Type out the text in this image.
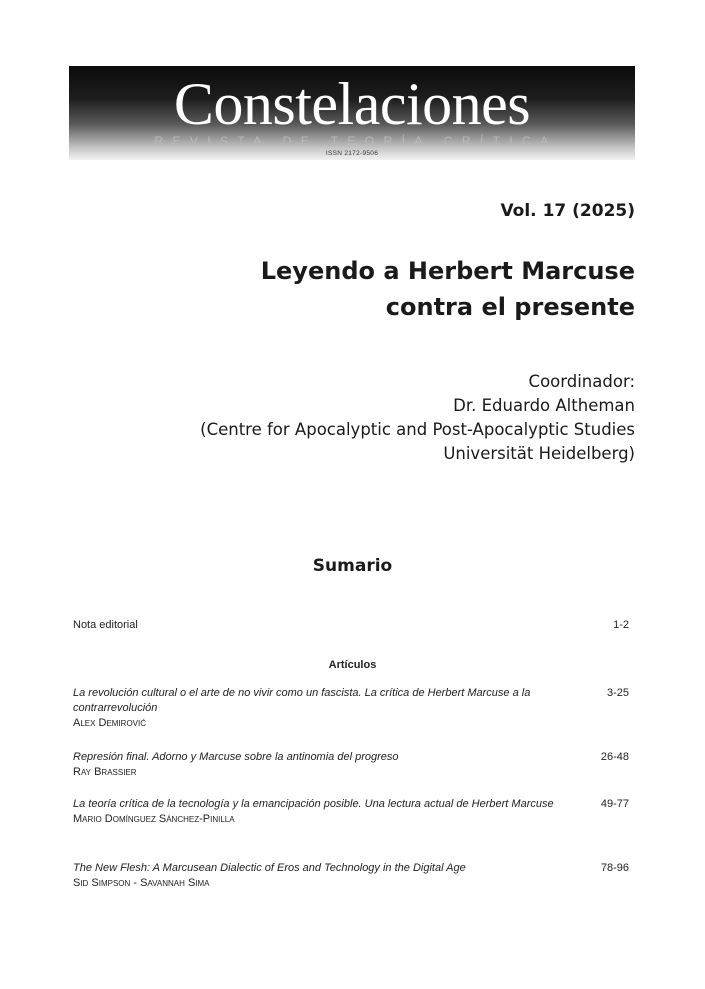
Constelaciones
REVISTA DE TEORÍA CRÍTICA
ISSN 2172-9506
Vol. 17 (2025)
Leyendo a Herbert Marcuse
contra el presente
Coordinador:
Dr. Eduardo Altheman
(Centre for Apocalyptic and Post-Apocalyptic Studies
Universität Heidelberg)
Sumario
Nota editorial	1-2
Artículos
La revolución cultural o el arte de no vivir como un fascista. La crítica de Herbert Marcuse a la contrarrevolución
Alex Demirović
3-25
Represión final. Adorno y Marcuse sobre la antinomia del progreso
Ray Brassier
26-48
La teoría crítica de la tecnología y la emancipación posible. Una lectura actual de Herbert Marcuse
Mario Domínguez Sánchez-Pinilla
49-77
The New Flesh: A Marcusean Dialectic of Eros and Technology in the Digital Age
Sid Simpson - Savannah Sima
78-96
